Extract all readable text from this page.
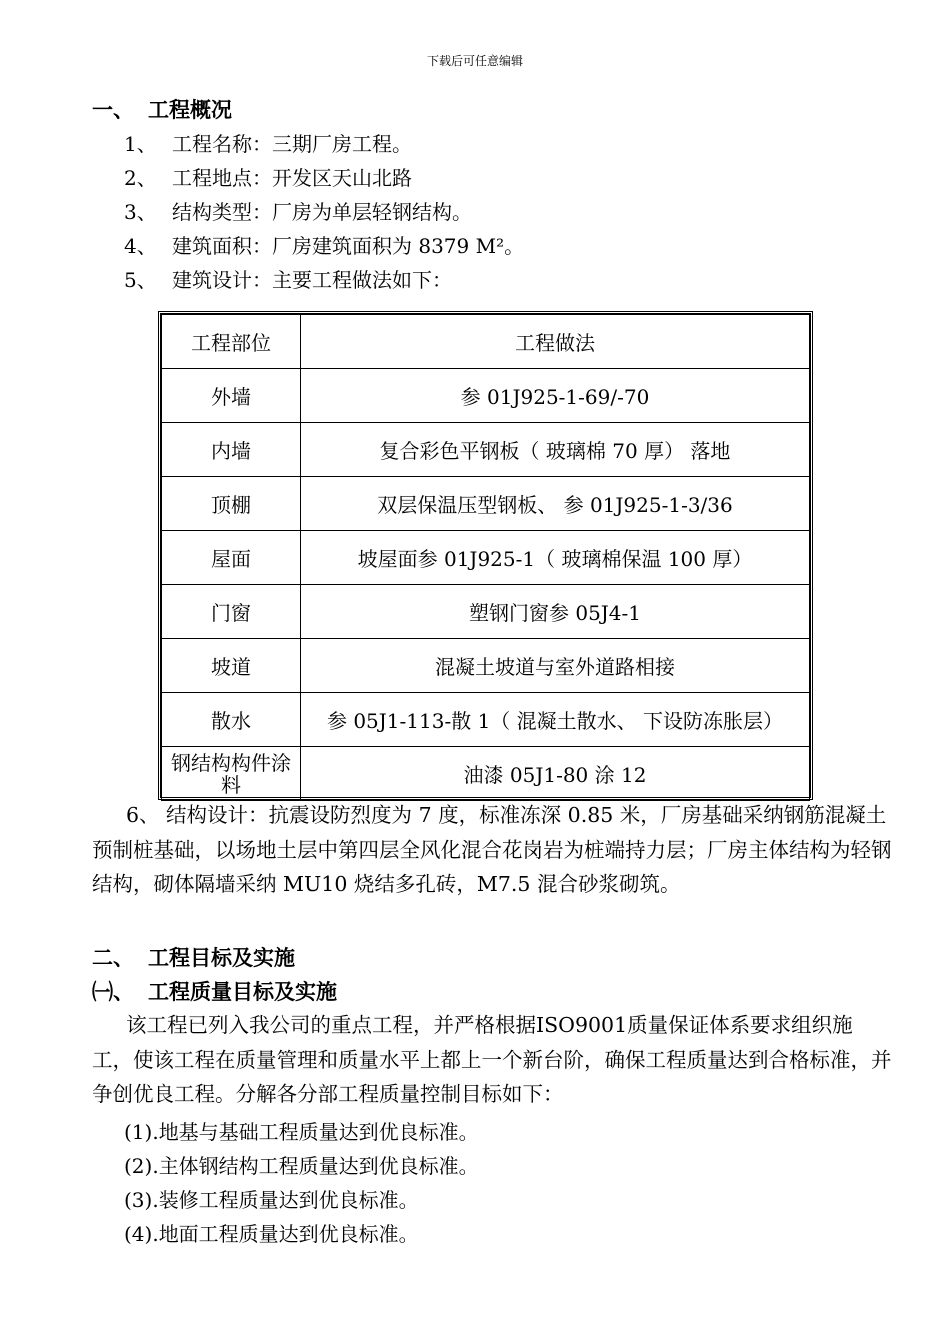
下载后可任意编辑
一、 工程概况
1、 工程名称：三期厂房工程。
2、 工程地点：开发区天山北路
3、 结构类型：厂房为单层轻钢结构。
4、 建筑面积：厂房建筑面积为 8379 M²。
5、 建筑设计：主要工程做法如下：
工程部位	工程做法
外墙	参 01J925-1-69/-70
内墙	复合彩色平钢板（ 玻璃棉 70 厚） 落地
顶棚	双层保温压型钢板、 参 01J925-1-3/36
屋面	坡屋面参 01J925-1（ 玻璃棉保温 100 厚）
门窗	塑钢门窗参 05J4-1
坡道	混凝土坡道与室外道路相接
散水	参 05J1-113-散 1（ 混凝土散水、 下设防冻胀层）
钢结构构件涂料	油漆 05J1-80 涂 12

6、 结构设计：抗震设防烈度为 7 度，标准冻深 0.85 米，厂房基础采纳钢筋混凝土预制桩基础，以场地土层中第四层全风化混合花岗岩为桩端持力层；厂房主体结构为轻钢结构，砌体隔墙采纳 MU10 烧结多孔砖，M7.5 混合砂浆砌筑。

二、 工程目标及实施
㈠、 工程质量目标及实施

该工程已列入我公司的重点工程，并严格根据ISO9001质量保证体系要求组织施工，使该工程在质量管理和质量水平上都上一个新台阶，确保工程质量达到合格标准，并争创优良工程。分解各分部工程质量控制目标如下：

(1).地基与基础工程质量达到优良标准。
(2).主体钢结构工程质量达到优良标准。
(3).装修工程质量达到优良标准。
(4).地面工程质量达到优良标准。
